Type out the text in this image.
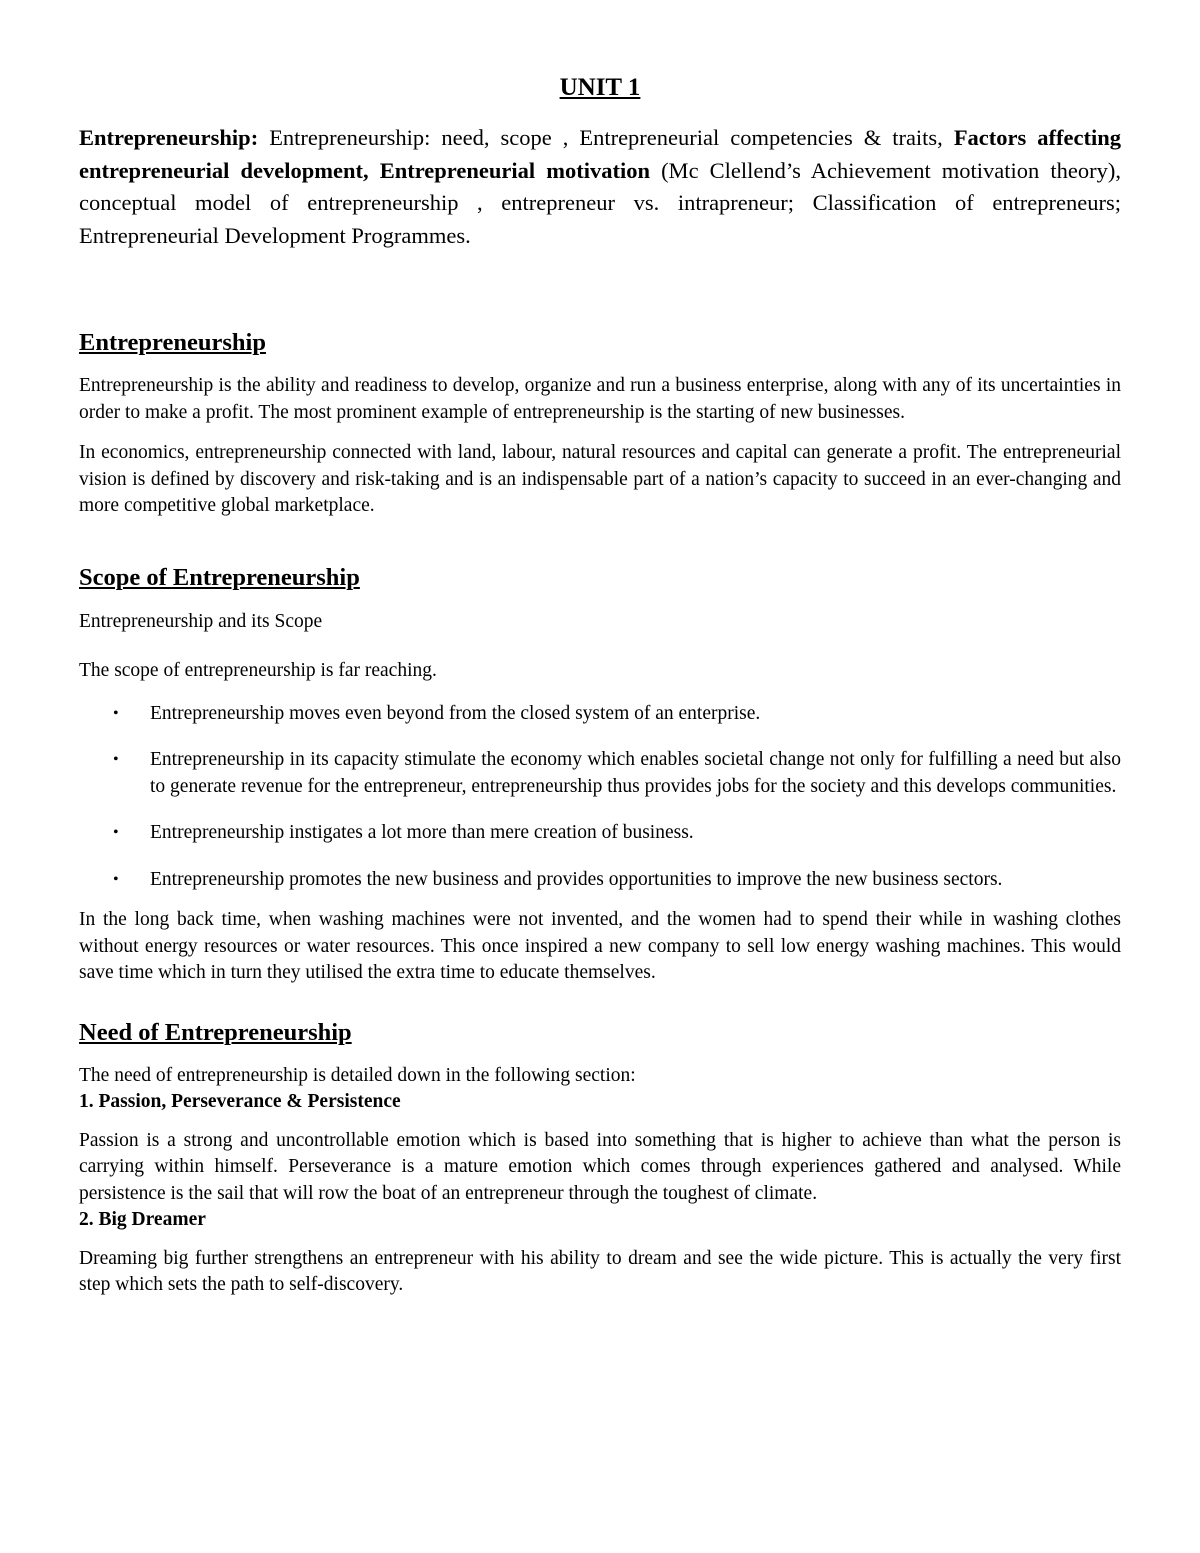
UNIT 1

Entrepreneurship: Entrepreneurship: need, scope , Entrepreneurial competencies & traits, Factors affecting entrepreneurial development, Entrepreneurial motivation (Mc Clellend’s Achievement motivation theory), conceptual model of entrepreneurship , entrepreneur vs. intrapreneur; Classification of entrepreneurs; Entrepreneurial Development Programmes.

Entrepreneurship

Entrepreneurship is the ability and readiness to develop, organize and run a business enterprise, along with any of its uncertainties in order to make a profit. The most prominent example of entrepreneurship is the starting of new businesses.

In economics, entrepreneurship connected with land, labour, natural resources and capital can generate a profit. The entrepreneurial vision is defined by discovery and risk-taking and is an indispensable part of a nation’s capacity to succeed in an ever-changing and more competitive global marketplace.

Scope of Entrepreneurship

Entrepreneurship and its Scope

The scope of entrepreneurship is far reaching.

• Entrepreneurship moves even beyond from the closed system of an enterprise.
• Entrepreneurship in its capacity stimulate the economy which enables societal change not only for fulfilling a need but also to generate revenue for the entrepreneur, entrepreneurship thus provides jobs for the society and this develops communities.
• Entrepreneurship instigates a lot more than mere creation of business.
• Entrepreneurship promotes the new business and provides opportunities to improve the new business sectors.

In the long back time, when washing machines were not invented, and the women had to spend their while in washing clothes without energy resources or water resources. This once inspired a new company to sell low energy washing machines. This would save time which in turn they utilised the extra time to educate themselves.

Need of Entrepreneurship

The need of entrepreneurship is detailed down in the following section:

1. Passion, Perseverance & Persistence

Passion is a strong and uncontrollable emotion which is based into something that is higher to achieve than what the person is carrying within himself. Perseverance is a mature emotion which comes through experiences gathered and analysed. While persistence is the sail that will row the boat of an entrepreneur through the toughest of climate.

2. Big Dreamer

Dreaming big further strengthens an entrepreneur with his ability to dream and see the wide picture. This is actually the very first step which sets the path to self-discovery.
